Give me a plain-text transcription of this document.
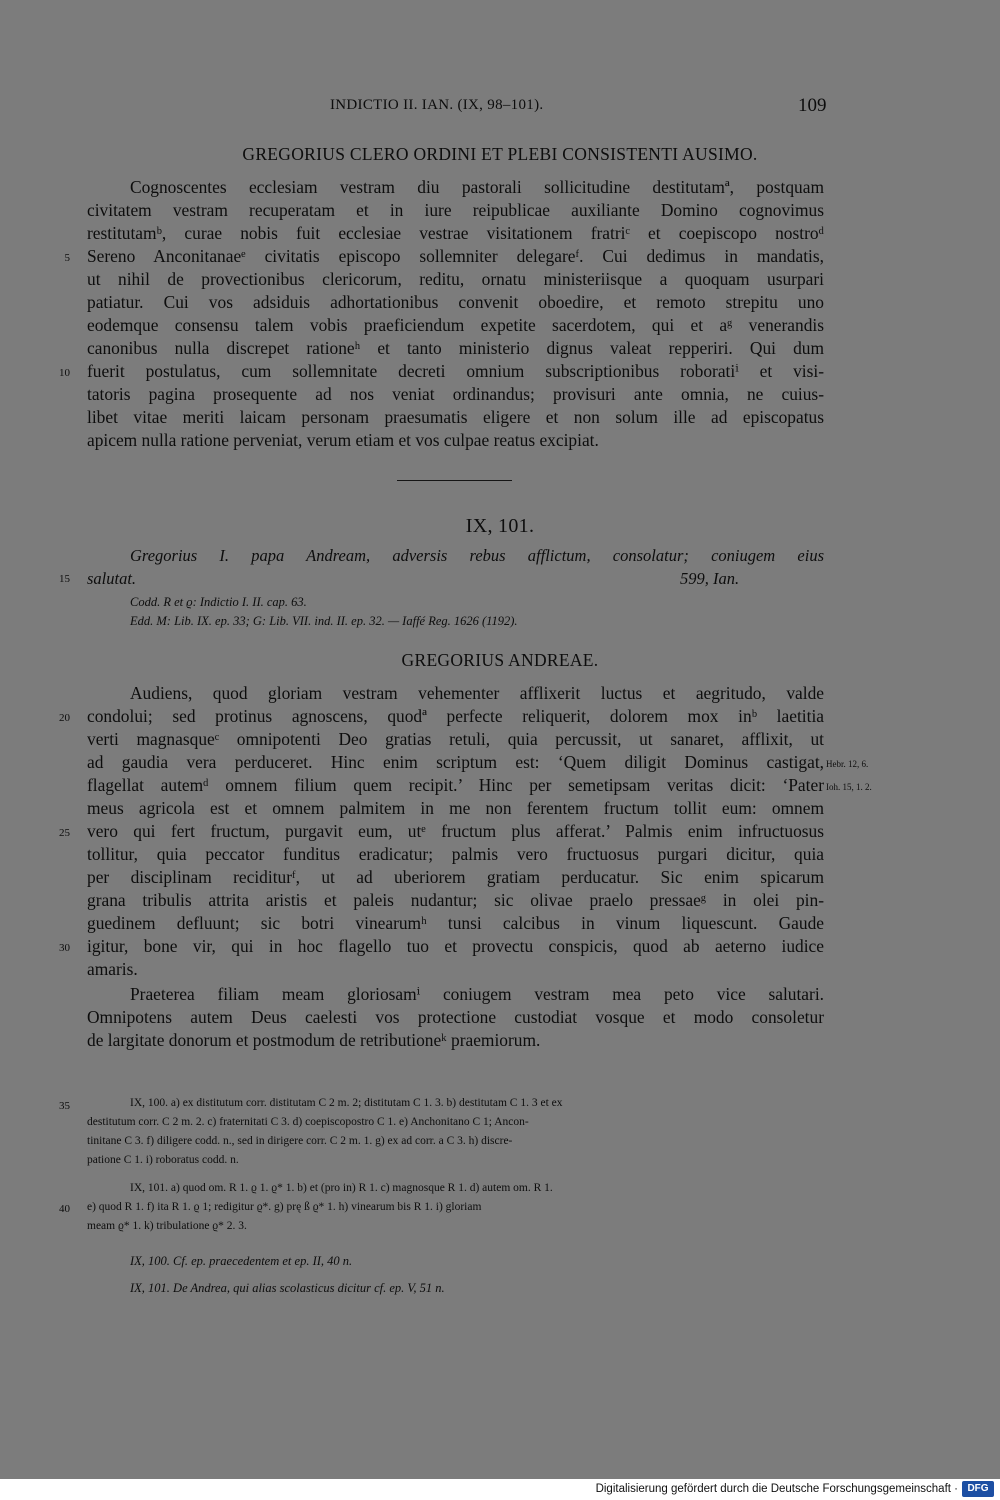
INDICTIO II. IAN. (IX, 98–101).	109
GREGORIUS CLERO ORDINI ET PLEBI CONSISTENTI AUSIMO.
Cognoscentes ecclesiam vestram diu pastorali sollicitudine destitutamª, postquam
civitatem vestram recuperatam et in iure reipublicae auxiliante Domino cognovimus
restitutamᵇ, curae nobis fuit ecclesiae vestrae visitationem fratriᶜ et coepiscopo nostroᵈ
Sereno Anconitanaeᵉ civitatis episcopo sollemniter delegareᶠ. Cui dedimus in mandatis,
ut nihil de provectionibus clericorum, reditu, ornatu ministeriisque a quoquam usurpari
patiatur. Cui vos adsiduis adhortationibus convenit oboedire, et remoto strepitu uno
eodemque consensu talem vobis praeficiendum expetite sacerdotem, qui et aᵍ venerandis
canonibus nulla discrepet rationeʰ et tanto ministerio dignus valeat repperiri. Qui dum
fuerit postulatus, cum sollemnitate decreti omnium subscriptionibus roboratiⁱ et visi-
tatoris pagina prosequente ad nos veniat ordinandus; provisuri ante omnia, ne cuius-
libet vitae meriti laicam personam praesumatis eligere et non solum ille ad episcopatus
apicem nulla ratione perveniat, verum etiam et vos culpae reatus excipiat.
5
10
IX, 101.
Gregorius I. papa Andream, adversis rebus afflictum, consolatur; coniugem eius
salutat.	599, Ian.
15
Codd. R et ϱ: Indictio I. II. cap. 63.
Edd. M: Lib. IX. ep. 33; G: Lib. VII. ind. II. ep. 32. — Iaffé Reg. 1626 (1192).
GREGORIUS ANDREAE.
Audiens, quod gloriam vestram vehementer afflixerit luctus et aegritudo, valde
condolui; sed protinus agnoscens, quodª perfecte reliquerit, dolorem mox inᵇ laetitia
verti magnasqueᶜ omnipotenti Deo gratias retuli, quia percussit, ut sanaret, afflixit, ut
ad gaudia vera perduceret. Hinc enim scriptum est: ‘Quem diligit Dominus castigat,
flagellat autemᵈ omnem filium quem recipit.’ Hinc per semetipsam veritas dicit: ‘Pater
meus agricola est et omnem palmitem in me non ferentem fructum tollit eum: omnem
vero qui fert fructum, purgavit eum, utᵉ fructum plus afferat.’ Palmis enim infructuosus
tollitur, quia peccator funditus eradicatur; palmis vero fructuosus purgari dicitur, quia
per disciplinam reciditurᶠ, ut ad uberiorem gratiam perducatur. Sic enim spicarum
grana tribulis attrita aristis et paleis nudantur; sic olivae praelo pressaeᵍ in olei pin-
guedinem defluunt; sic botri vinearumʰ tunsi calcibus in vinum liquescunt. Gaude
igitur, bone vir, qui in hoc flagello tuo et provectu conspicis, quod ab aeterno iudice
amaris.
Praeterea filiam meam gloriosamⁱ coniugem vestram mea peto vice salutari.
Omnipotens autem Deus caelesti vos protectione custodiat vosque et modo consoletur
de largitate donorum et postmodum de retributioneᵏ praemiorum.
20
25
30
Hebr. 12, 6.
Ioh. 15, 1. 2.
IX, 100. a) ex distitutum corr. distitutam C 2 m. 2; distitutam C 1. 3. b) destitutam C 1. 3 et ex
destitutum corr. C 2 m. 2. c) fraternitati C 3. d) coepiscopostro C 1. e) Anchonitano C 1; Ancon-
tinitane C 3. f) diligere codd. n., sed in dirigere corr. C 2 m. 1. g) ex ad corr. a C 3. h) discre-
patione C 1. i) roboratus codd. n.
IX, 101. a) quod om. R 1. ϱ 1. ϱ* 1. b) et (pro in) R 1. c) magnosque R 1. d) autem om. R 1.
e) quod R 1. f) ita R 1. ϱ 1; redigitur ϱ*. g) prę ß ϱ* 1. h) vinearum bis R 1. i) gloriam
meam ϱ* 1. k) tribulatione ϱ* 2. 3.
35
40
IX, 100. Cf. ep. praecedentem et ep. II, 40 n.
IX, 101. De Andrea, qui alias scolasticus dicitur cf. ep. V, 51 n.
Digitalisierung gefördert durch die Deutsche Forschungsgemeinschaft · DFG
